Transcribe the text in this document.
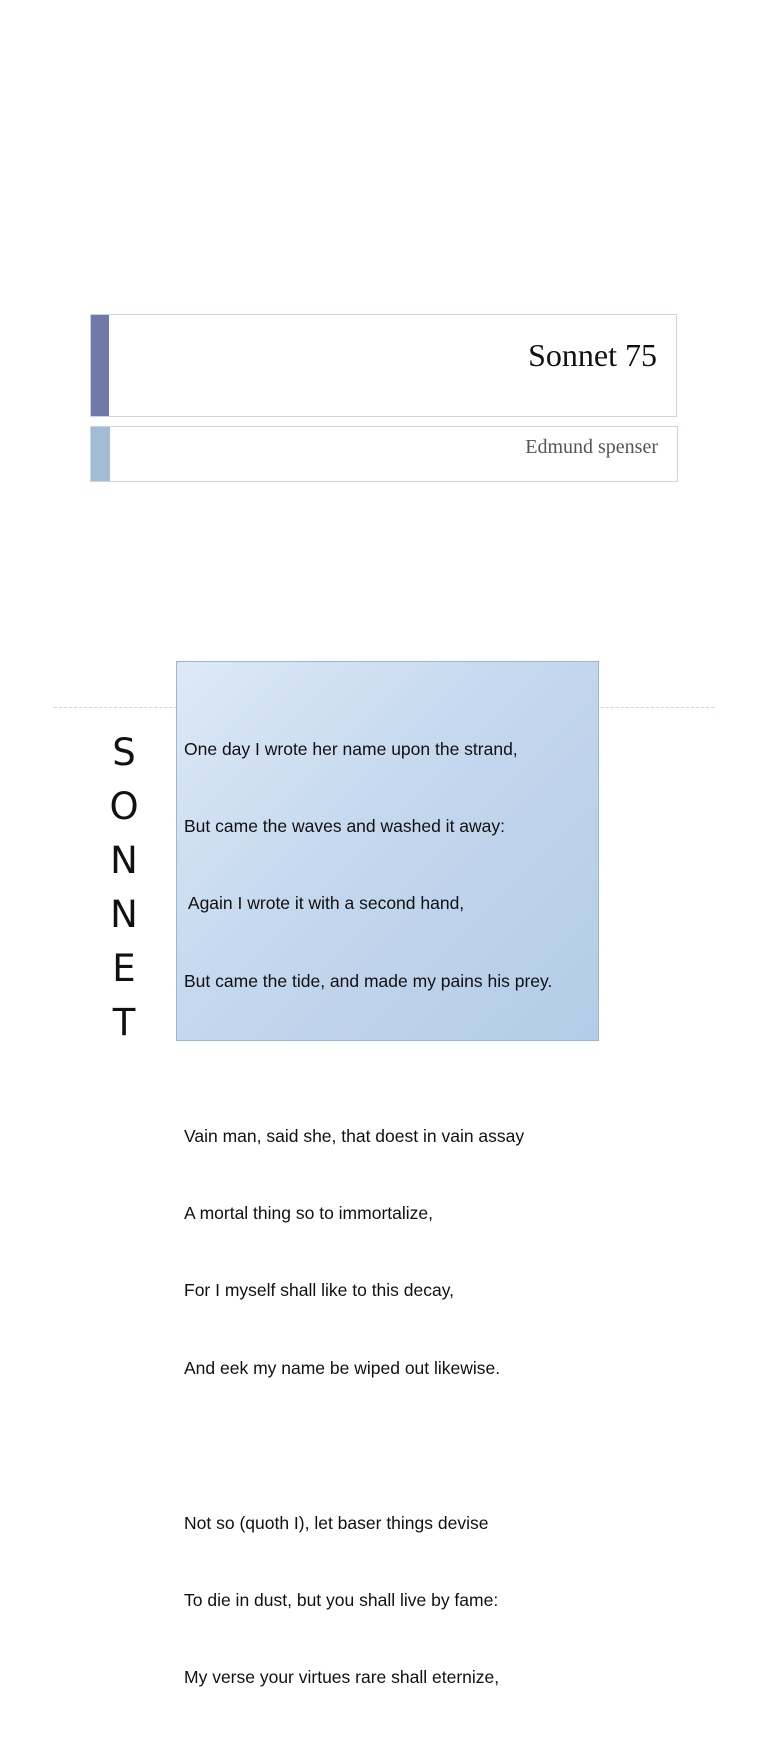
Sonnet 75
Edmund spenser
S
O
N
N
E
T

One day I wrote her name upon the strand,

But came the waves and washed it away:

Again I wrote it with a second hand,

But came the tide, and made my pains his prey.

Vain man, said she, that doest in vain assay

A mortal thing so to immortalize,

For I myself shall like to this decay,

And eek my name be wiped out likewise.

Not so (quoth I), let baser things devise

To die in dust, but you shall live by fame:

My verse your virtues rare shall eternize,
